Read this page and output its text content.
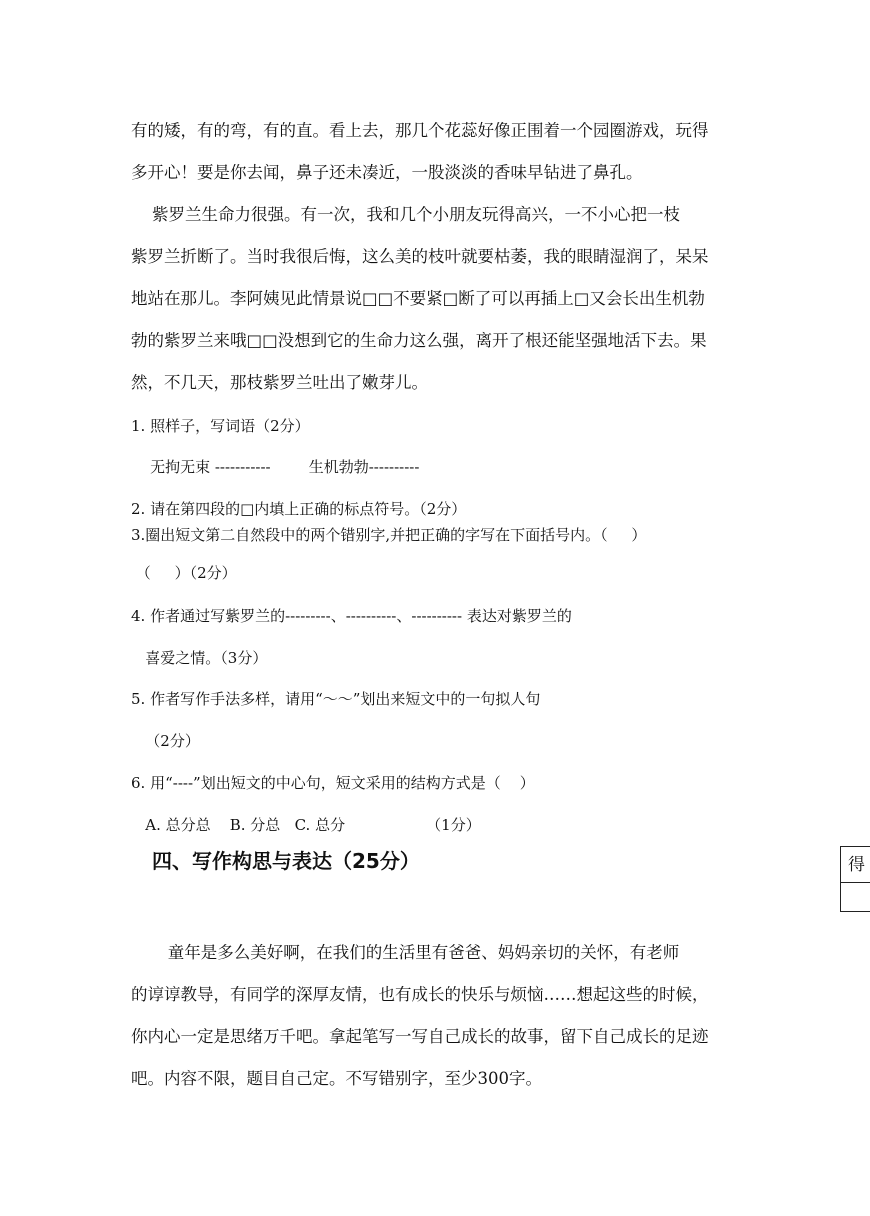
有的矮，有的弯，有的直。看上去，那几个花蕊好像正围着一个园圈游戏，玩得
多开心！要是你去闻，鼻子还未凑近，一股淡淡的香味早钻进了鼻孔。
紫罗兰生命力很强。有一次，我和几个小朋友玩得高兴，一不小心把一枝
紫罗兰折断了。当时我很后悔，这么美的枝叶就要枯萎，我的眼睛湿润了，呆呆
地站在那儿。李阿姨见此情景说□□不要紧□断了可以再插上□又会长出生机勃
勃的紫罗兰来哦□□没想到它的生命力这么强，离开了根还能坚强地活下去。果
然，不几天，那枝紫罗兰吐出了嫩芽儿。
1. 照样子，写词语（2分）
无拘无束 -----------        生机勃勃----------
2. 请在第四段的□内填上正确的标点符号。（2分）
3.圈出短文第二自然段中的两个错别字,并把正确的字写在下面括号内。（     ）
（     ）（2分）
4. 作者通过写紫罗兰的---------、----------、---------- 表达对紫罗兰的
喜爱之情。（3分）
5. 作者写作手法多样，请用“～～”划出来短文中的一句拟人句
（2分）
6. 用“----”划出短文的中心句，短文采用的结构方式是（    ）
A. 总分总    B. 分总   C. 总分                 （1分）
四、写作构思与表达（25分）	得
童年是多么美好啊，在我们的生活里有爸爸、妈妈亲切的关怀，有老师
的谆谆教导，有同学的深厚友情，也有成长的快乐与烦恼……想起这些的时候，
你内心一定是思绪万千吧。拿起笔写一写自己成长的故事，留下自己成长的足迹
吧。内容不限，题目自己定。不写错别字，至少300字。
